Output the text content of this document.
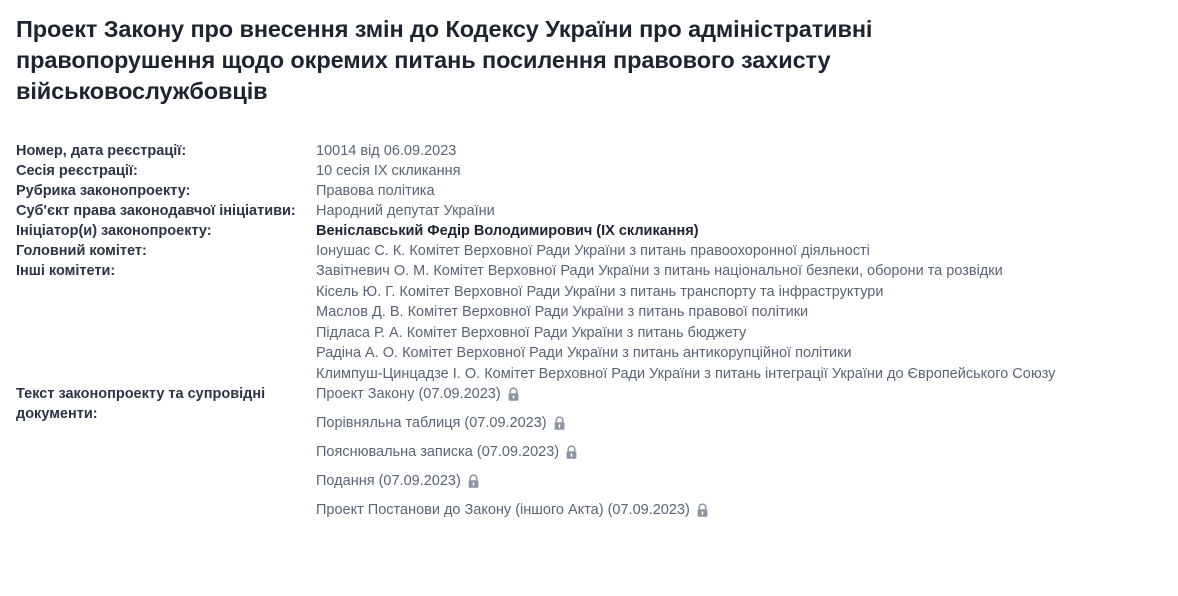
Проект Закону про внесення змін до Кодексу України про адміністративні правопорушення щодо окремих питань посилення правового захисту військовослужбовців
Номер, дата реєстрації:	10014 від 06.09.2023
Сесія реєстрації:	10 сесія IX скликання
Рубрика законопроекту:	Правова політика
Суб'єкт права законодавчої ініціативи:	Народний депутат України
Ініціатор(и) законопроекту:	Веніславський Федір Володимирович (IX скликання)
Головний комітет:	Іонушас С. К. Комітет Верховної Ради України з питань правоохоронної діяльності
Інші комітети:	Завітневич О. М. Комітет Верховної Ради України з питань національної безпеки, оборони та розвідки
Кісель Ю. Г. Комітет Верховної Ради України з питань транспорту та інфраструктури
Маслов Д. В. Комітет Верховної Ради України з питань правової політики
Підласа Р. А. Комітет Верховної Ради України з питань бюджету
Радіна А. О. Комітет Верховної Ради України з питань антикорупційної політики
Климпуш-Цинцадзе І. О. Комітет Верховної Ради України з питань інтеграції України до Європейського Союзу

Текст законопроекту та супровідні документи:	Проект Закону (07.09.2023)
Порівняльна таблиця (07.09.2023)
Пояснювальна записка (07.09.2023)
Подання (07.09.2023)
Проект Постанови до Закону (іншого Акта) (07.09.2023)
